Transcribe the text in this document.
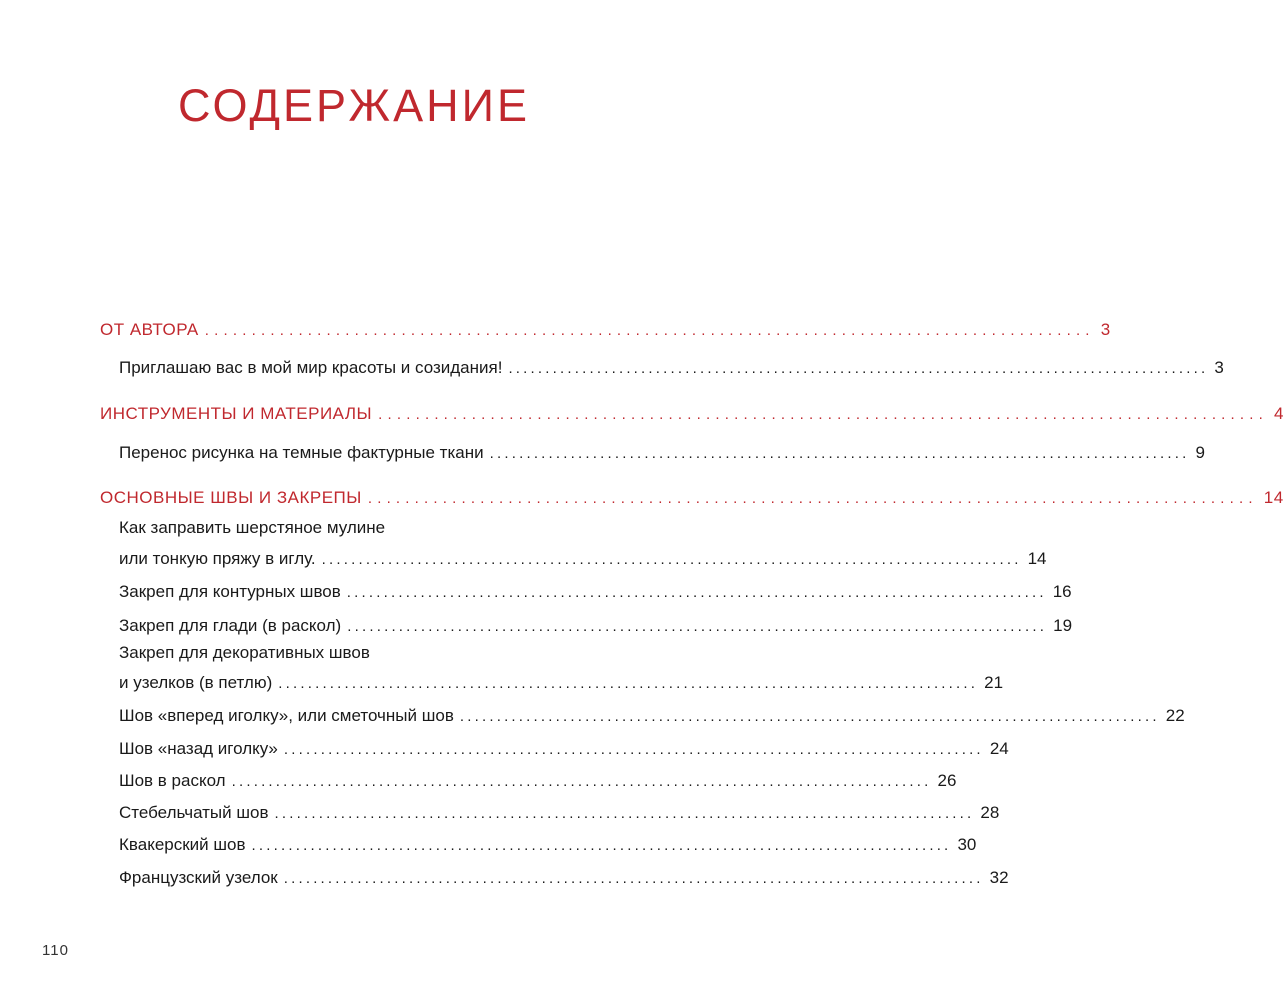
СОДЕРЖАНИЕ
ОТ АВТОРА ............................................................................................... 3
Приглашаю вас в мой мир красоты и созидания! ............................................................................................... 3
ИНСТРУМЕНТЫ И МАТЕРИАЛЫ ............................................................................................... 4
Перенос рисунка на темные фактурные ткани ............................................................................................... 9
ОСНОВНЫЕ ШВЫ И ЗАКРЕПЫ ............................................................................................... 14
Как заправить шерстяное мулине
или тонкую пряжу в иглу. ............................................................................................... 14
Закреп для контурных швов ............................................................................................... 16
Закреп для глади (в раскол) ............................................................................................... 19
Закреп для декоративных швов
и узелков (в петлю) ............................................................................................... 21
Шов «вперед иголку», или сметочный шов ............................................................................................... 22
Шов «назад иголку» ............................................................................................... 24
Шов в раскол ............................................................................................... 26
Стебельчатый шов ............................................................................................... 28
Квакерский шов ............................................................................................... 30
Французский узелок ............................................................................................... 32
110
